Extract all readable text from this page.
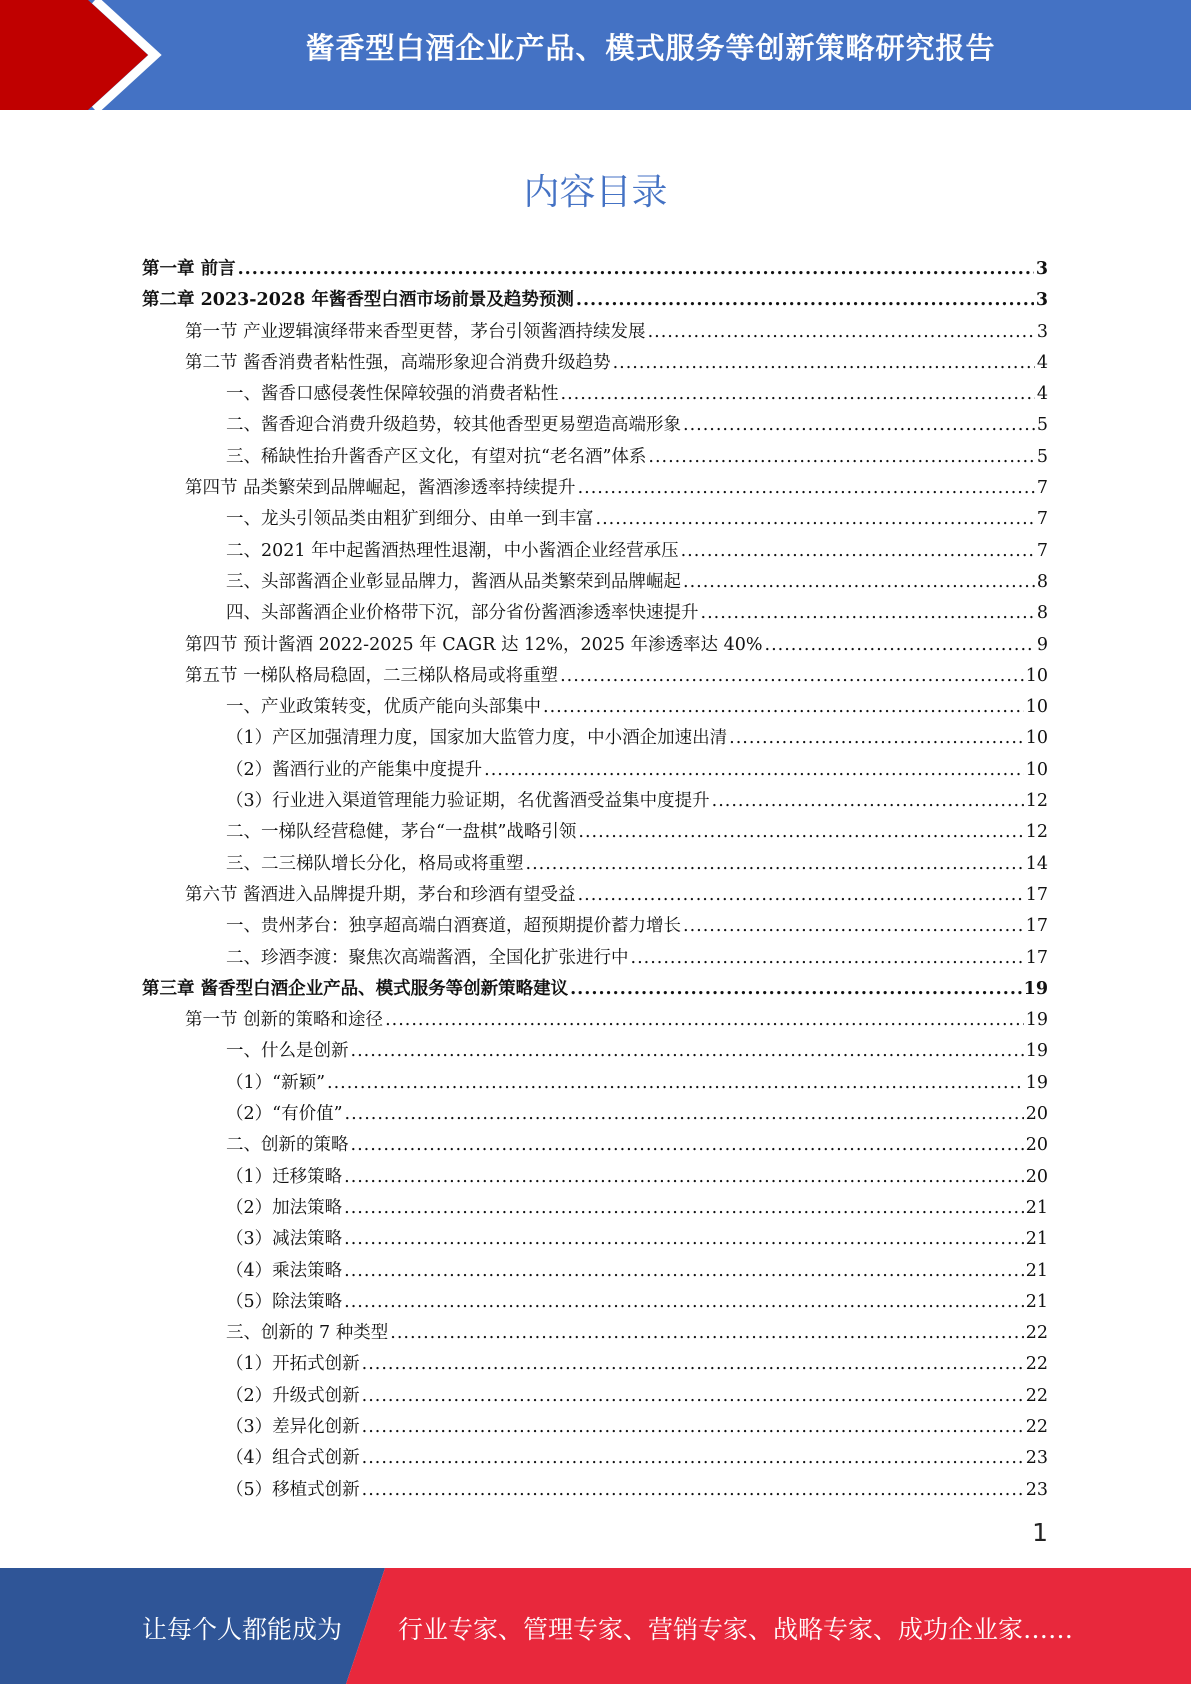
酱香型白酒企业产品、模式服务等创新策略研究报告
内容目录
第一章 前言 .....	3
第二章 2023-2028 年酱香型白酒市场前景及趋势预测 .....	3
第一节 产业逻辑演绎带来香型更替，茅台引领酱酒持续发展 .....	3
第二节 酱香消费者粘性强，高端形象迎合消费升级趋势 .....	4
一、酱香口感侵袭性保障较强的消费者粘性 .....	4
二、酱香迎合消费升级趋势，较其他香型更易塑造高端形象 .....	5
三、稀缺性抬升酱香产区文化，有望对抗“老名酒”体系 .....	5
第四节 品类繁荣到品牌崛起，酱酒渗透率持续提升 .....	7
一、龙头引领品类由粗犷到细分、由单一到丰富 .....	7
二、2021 年中起酱酒热理性退潮，中小酱酒企业经营承压 .....	7
三、头部酱酒企业彰显品牌力，酱酒从品类繁荣到品牌崛起 .....	8
四、头部酱酒企业价格带下沉，部分省份酱酒渗透率快速提升 .....	8
第四节 预计酱酒 2022-2025 年 CAGR 达 12%，2025 年渗透率达 40% .....	9
第五节 一梯队格局稳固，二三梯队格局或将重塑 .....	10
一、产业政策转变，优质产能向头部集中 .....	10
（1）产区加强清理力度，国家加大监管力度，中小酒企加速出清 .....	10
（2）酱酒行业的产能集中度提升 .....	10
（3）行业进入渠道管理能力验证期，名优酱酒受益集中度提升 .....	12
二、一梯队经营稳健，茅台“一盘棋”战略引领 .....	12
三、二三梯队增长分化，格局或将重塑 .....	14
第六节 酱酒进入品牌提升期，茅台和珍酒有望受益 .....	17
一、贵州茅台：独享超高端白酒赛道，超预期提价蓄力增长 .....	17
二、珍酒李渡：聚焦次高端酱酒，全国化扩张进行中 .....	17
第三章 酱香型白酒企业产品、模式服务等创新策略建议 .....	19
第一节 创新的策略和途径 .....	19
一、什么是创新 .....	19
（1）“新颖” .....	19
（2）“有价值” .....	20
二、创新的策略 .....	20
（1）迁移策略 .....	20
（2）加法策略 .....	21
（3）减法策略 .....	21
（4）乘法策略 .....	21
（5）除法策略 .....	21
三、创新的 7 种类型 .....	22
（1）开拓式创新 .....	22
（2）升级式创新 .....	22
（3）差异化创新 .....	22
（4）组合式创新 .....	23
（5）移植式创新 .....	23
1
让每个人都能成为 行业专家、管理专家、营销专家、战略专家、成功企业家……
